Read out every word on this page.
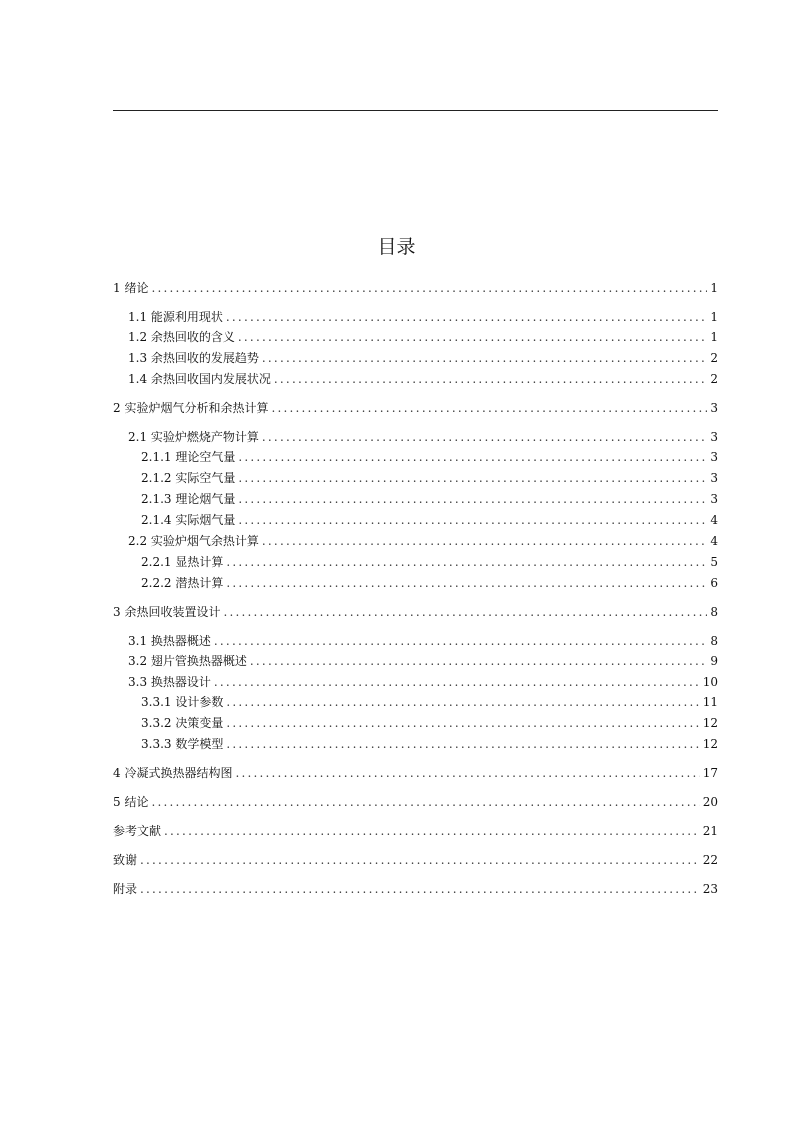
目录
1 绪论 .....	1
1.1 能源利用现状 .....	1
1.2 余热回收的含义 .....	1
1.3 余热回收的发展趋势 .....	2
1.4 余热回收国内发展状况 .....	2
2 实验炉烟气分析和余热计算 .....	3
2.1 实验炉燃烧产物计算 .....	3
2.1.1 理论空气量 .....	3
2.1.2 实际空气量 .....	3
2.1.3 理论烟气量 .....	3
2.1.4 实际烟气量 .....	4
2.2 实验炉烟气余热计算 .....	4
2.2.1 显热计算 .....	5
2.2.2 潜热计算 .....	6
3 余热回收装置设计 .....	8
3.1 换热器概述 .....	8
3.2 翅片管换热器概述 .....	9
3.3 换热器设计 .....	10
3.3.1 设计参数 .....	11
3.3.2 决策变量 .....	12
3.3.3 数学模型 .....	12
4 冷凝式换热器结构图 .....	17
5 结论 .....	20
参考文献 .....	21
致谢 .....	22
附录 .....	23
